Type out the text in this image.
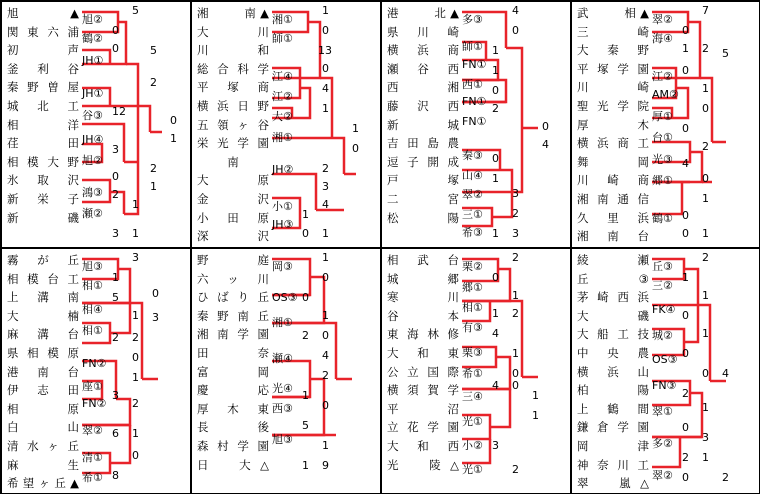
旭　　▲
関東六浦
初　　声
釜　利　谷
秦野曽屋
城 北 工
相　　洋
荏　　田
相模大野
氷 取 沢
新　栄　子
新　　磯
旭②
鶴②
JH①
JH①
谷③
JH④
旭②
鴻③
瀬②
5
0
0	5
2
12
0
1
3
2
0
1
2
1
3 1
湘　　南▲
大　　川
川　　和
総合科学
平 塚 商
横浜日野
五領ヶ谷
栄光学園
南
大　　原
金　　沢
小 田 原
深　　沢
湘①
師①
江④
江②
大②
湘①
JH②
小①
JH③
1
0
13
0
4
1
1
0
2
3
4
1
1
0
港　　北▲
県 川 崎
横 浜 商
瀬 谷 西
西　　湘
藤 沢 西
新 　城
吉田島農
逗子開成
戸　　塚
二　　宮
松　　陽
多③
師①
FN①
西①
FN①
FN①
秦③
山④
翠②
三①
希③
4
0
1
1
0
2
0
4
0
1
3
2
1 3
武　　相▲
三　　崎
大 秦 野
平塚学園
川　　崎
聖光学院
厚　　木
横浜商工
舞　　岡
川 崎 商
湘南通信
久 里 浜
湘 南 台
翠②
海④
江②
AM②
厚①
台①
光③
郷①
鶴①
7
0
1 2 5
0
1
0
0
2
4
0
1
0
1
0
霧 が 丘
相模台工
上 溝 南
大　　楠
麻 溝 台
県相模原
港 南 台
伊 志 田
相　　原
白　　山
清水ヶ丘
麻　　生
希望ヶ丘▲
旭③
相①
相④
相①
FN②
座①
FN②
翠②
清①
希①
3
1
0
5
1 3
2 2
0
1
3
2
6 1
0
8
野　　庭
六 ッ 川
ひばり丘
秦野南丘
湘南学園
田　　奈
富　　岡
慶　応
厚 木 東
長 後
森村学園
日　大△
岡③
OS③
湘①
瀬④
光④
西③
旭③
1
0
0
1
2 0
4
2
1
0
5
1
1 9
相 武 台
城　　郷
寒　川
谷　　本
東海林修
大 和 東
公立国際
横須賀学
平　沼
立花学園
大 和 西
光　陵△
栗②
郷①
相①
有③
栗③
希①
三④
光①
小②
光①
2
0
1
1 2
4
1
0
4 0
1
1
3
2
綾　　瀬
丘　　③
茅崎西浜
大　　磯
大船工技
中 央 農
横 浜 山
柏　　陽
上 鶴 間
鎌倉学園
岡　　津
神奈川工
翠　嵐△
丘③
三②
FK④
城②
OS③
FN③
翠①
多②
翠②
2
1
1
0
1
0
0 4
2
1
0
3
2 1
0	2
